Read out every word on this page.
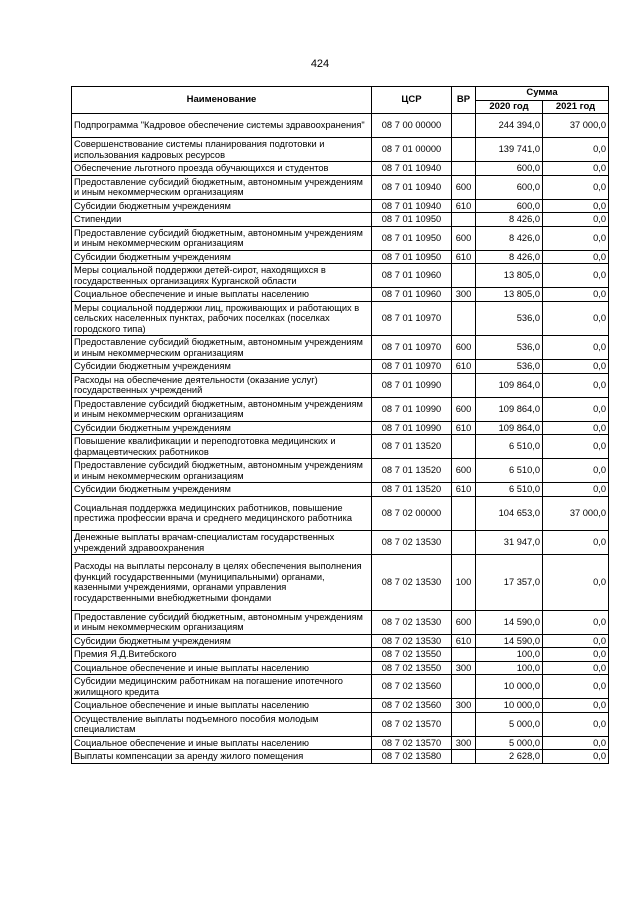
424
Наименование	ЦСР	ВР	Сумма	
			2020 год	2021 год
Подпрограмма "Кадровое обеспечение системы здравоохранения"	08 7 00 00000		244 394,0	37 000,0
Совершенствование системы планирования подготовки и использования кадровых ресурсов	08 7 01 00000		139 741,0	0,0
Обеспечение льготного проезда обучающихся и студентов	08 7 01 10940		600,0	0,0
Предоставление субсидий бюджетным, автономным учреждениям и иным некоммерческим организациям	08 7 01 10940	600	600,0	0,0
Субсидии бюджетным учреждениям	08 7 01 10940	610	600,0	0,0
Стипендии	08 7 01 10950		8 426,0	0,0
Предоставление субсидий бюджетным, автономным учреждениям и иным некоммерческим организациям	08 7 01 10950	600	8 426,0	0,0
Субсидии бюджетным учреждениям	08 7 01 10950	610	8 426,0	0,0
Меры социальной поддержки детей-сирот, находящихся в государственных организациях Курганской области	08 7 01 10960		13 805,0	0,0
Социальное обеспечение и иные выплаты населению	08 7 01 10960	300	13 805,0	0,0
Меры социальной поддержки лиц, проживающих и работающих в сельских населенных пунктах, рабочих поселках (поселках городского типа)	08 7 01 10970		536,0	0,0
Предоставление субсидий бюджетным, автономным учреждениям и иным некоммерческим организациям	08 7 01 10970	600	536,0	0,0
Субсидии бюджетным учреждениям	08 7 01 10970	610	536,0	0,0
Расходы на обеспечение деятельности (оказание услуг) государственных учреждений	08 7 01 10990		109 864,0	0,0
Предоставление субсидий бюджетным, автономным учреждениям и иным некоммерческим организациям	08 7 01 10990	600	109 864,0	0,0
Субсидии бюджетным учреждениям	08 7 01 10990	610	109 864,0	0,0
Повышение квалификации и переподготовка медицинских и фармацевтических работников	08 7 01 13520		6 510,0	0,0
Предоставление субсидий бюджетным, автономным учреждениям и иным некоммерческим организациям	08 7 01 13520	600	6 510,0	0,0
Субсидии бюджетным учреждениям	08 7 01 13520	610	6 510,0	0,0
Социальная поддержка медицинских работников, повышение престижа профессии врача и среднего медицинского работника	08 7 02 00000		104 653,0	37 000,0
Денежные выплаты врачам-специалистам государственных учреждений здравоохранения	08 7 02 13530		31 947,0	0,0
Расходы на выплаты персоналу в целях обеспечения выполнения функций государственными (муниципальными) органами, казенными учреждениями, органами управления государственными внебюджетными фондами	08 7 02 13530	100	17 357,0	0,0
Предоставление субсидий бюджетным, автономным учреждениям и иным некоммерческим организациям	08 7 02 13530	600	14 590,0	0,0
Субсидии бюджетным учреждениям	08 7 02 13530	610	14 590,0	0,0
Премия Я.Д.Витебского	08 7 02 13550		100,0	0,0
Социальное обеспечение и иные выплаты населению	08 7 02 13550	300	100,0	0,0
Субсидии медицинским работникам на погашение ипотечного жилищного кредита	08 7 02 13560		10 000,0	0,0
Социальное обеспечение и иные выплаты населению	08 7 02 13560	300	10 000,0	0,0
Осуществление выплаты подъемного пособия молодым специалистам	08 7 02 13570		5 000,0	0,0
Социальное обеспечение и иные выплаты населению	08 7 02 13570	300	5 000,0	0,0
Выплаты компенсации за аренду жилого помещения	08 7 02 13580		2 628,0	0,0
